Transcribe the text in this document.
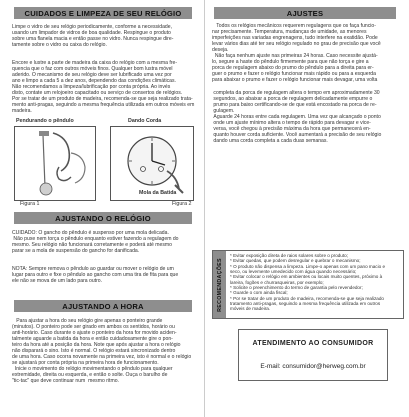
CUIDADOS E LIMPEZA DE SEU RELÓGIO
Limpe o vidro de seu relógio periodicamente, conforme a necessidade,
usando um limpador de vidros de boa qualidade. Respingue o produto
sobre uma flanela macia e então passe no vidro. Nunca respingue dire-
tamente sobre o vidro ou caixa do relógio.
Encore e lustre a parte de madeira da caixa do relógio com a mesma fre-
quencia que o faz com outros móveis finos. Qualquer bom lustra móvel
aderido. O mecanismo de seu relógio deve ser lubrificado uma vez por
ano e limpo a cada 5 a dez anos, dependendo das condições climáticas.
Não recomendamos a limpeza/lubrificação por conta própria. Ao invés
disto, contate um relojoeiro capacitado ou serviço de consertos de relógios.
Por se tratar de um produto de madeira, recomenda-se que seja realizado trata-
mento anti-pragas, seguindo a mesma frequência utilizada em outros móveis em
madeira.
Pendurando o pêndulo	Dando Corda
Mola da Batida
Figura 1	Figura 2
AJUSTANDO O RELÓGIO
CUIDADO: O gancho do pêndulo é suspenso por uma mola delicada.
Não puxe nem torça o pêndulo enquanto estiver fazendo a regulagem do
mesmo. Seu relógio não funcionará corretamente e poderá até mesmo
parar se a mola de suspensão do gancho for danificada.
NOTA: Sempre remova o pêndulo ao guardar ou mover o relógio de um
lugar para outro e fixe o pêndulo ao gancho com uma tira de fita para que
ele não se mova de um lado para outro.
AJUSTANDO A HORA
Para ajustar a hora do seu relógio gire apenas o ponteiro grande
(minutos). O ponteiro pode ser girado em ambos os sentidos, horário ou
anti-horário. Caso durante o ajuste o ponteiro da hora for movido aciden-
talmente aguarde a batida da hora e então cuidadosamente gire o pon-
teiro da hora até a posição da hora. Note que após ajustar a hora o relógio
não disparará o sino. Isto é normal. O relógio estará sincronizado dentro
de uma hora. Caso ocorra novamente na primeira vez, isto é normal e o relógio
se ajustará por conta própria na primeira hora de funcionamento.
Inicie o movimento do relógio movimentando o pêndulo para qualquer
extremidade, direita ou esquerda, e então o solte. Ouça o barulho de
"tic-tac" que deve continuar num  mesmo ritmo.
AJUSTES
Todos os relógios mecânicos requerem regulagens que os faça funcio-
nar precisamente. Temperatura, mudanças de umidade, as menores
imperfeições nas variadas engrenagens, tudo interfere na exatidão. Pode
levar vários dias até ter seu relógio regulado no grau de precisão que você
deseja.
Não faça nenhum ajuste nas primeiras 24 horas. Caso necessite ajustá-
lo, segure a haste do pêndulo firmemente para que não torça e gire a
porca de regulagem abaixo do prumo do pêndulo para a direita para er-
guer o prumo e fazer o relógio funcionar mais rápido ou para a esquerda
para abaixar o prumo e fazer o relógio funcionar mais devagar, uma volta
completa da porca de regulagem altera o tempo em aproximadamente 30
segundos, ao abaixar a porca de regulagem delicadamente empurre o
prumo para baixo certificando-se de que está encostado na porca de re-
gulagem.
Aguarde 24 horas entre cada regulagem. Uma vez que alcançado o ponto
onde um ajuste mínimo altera o tempo de rápido para devagar e vice-
versa, você chegou à precisão máxima da hora que permanecerá en-
quanto houver corda suficiente. Você aumentará a precisão de seu relógio
dando uma corda completa a cada duas semanas.
RECOMENDAÇÕES
* Evitar exposição direta de raios solares sobre o produto;
* Evitar quedas, que podem desregular e quebrar o mecanismo;
* O produto não dispensa a limpeza. Limpe-o apenas com um pano macio e
seco, ou levemente umedecido com água quando necessário;
* Evitar colocar o relógio em ambientes ou locais muito quentes, próximo à
lareira, fogões e churrasqueiras, por exemplo;
* Solicite o preenchimento do termo de garantia pelo revendedor;
* Guarde o com ainda fiscal;
* Por se tratar de um produto de madeira, recomenda-se que seja realizado
tratamento anti-pragas, seguindo a mesma frequência utilizada em outros
móveis de madeira.
ATENDIMENTO AO CONSUMIDOR
E-mail: consumidor@herweg.com.br
